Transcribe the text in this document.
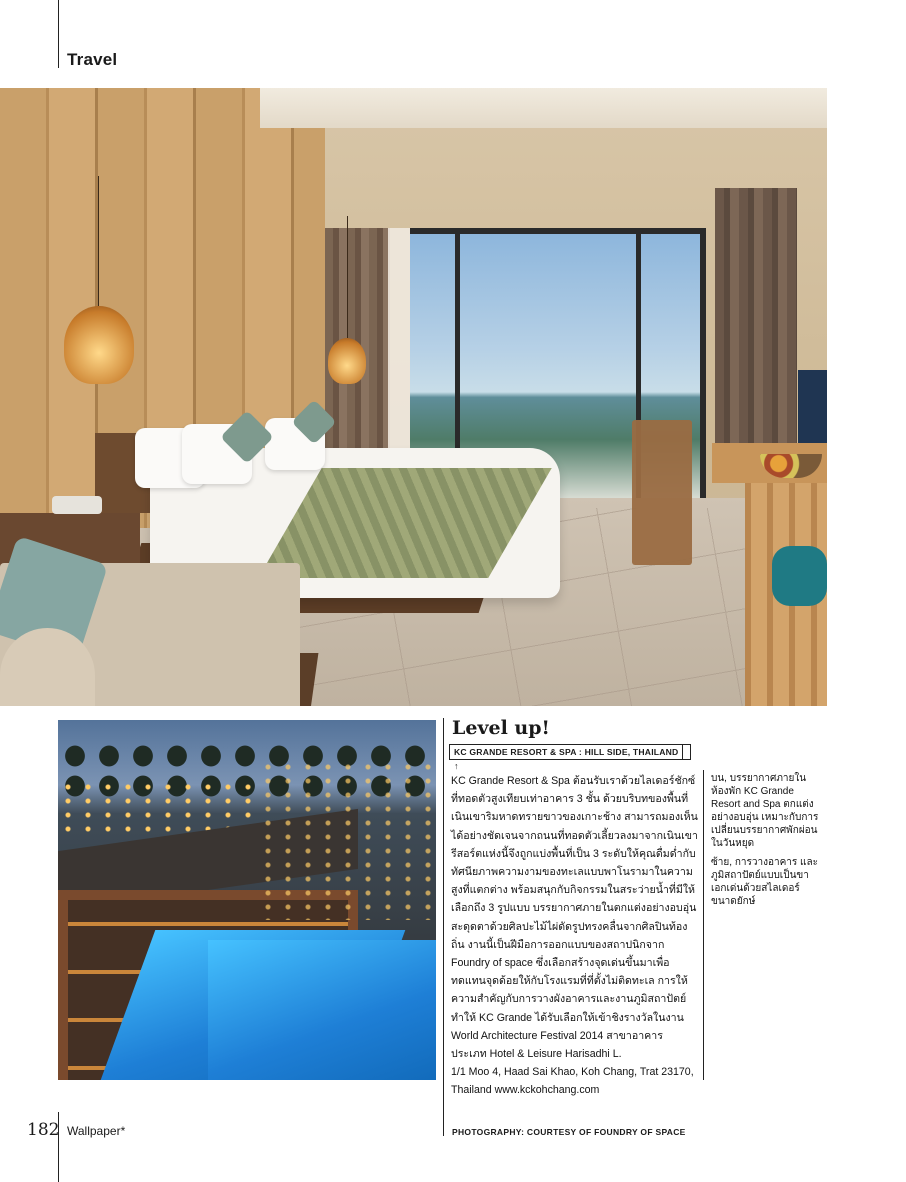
Travel
Level up!
KC GRANDE RESORT & SPA : HILL SIDE, THAILAND↑

KC Grande Resort & Spa ต้อนรับเราด้วยไลเดอร์ชักซ์ที่ทอดตัวสูงเทียบเท่าอาคาร 3 ชั้น ด้วยบริบทของพื้นที่เนินเขาริมหาดทรายขาวของเกาะช้าง สามารถมองเห็นได้อย่างชัดเจนจากถนนที่ทอดตัวเลี้ยวลงมาจากเนินเขารีสอร์ตแห่งนี้จึงถูกแบ่งพื้นที่เป็น 3 ระดับให้คุณดื่มด่ำกับทัศนียภาพความงามของทะเลแบบพาโนรามาในความสูงที่แตกต่าง พร้อมสนุกกับกิจกรรมในสระว่ายน้ำที่มีให้เลือกถึง 3 รูปแบบ บรรยากาศภายในตกแต่งอย่างอบอุ่น สะดุดตาด้วยศิลปะไม้ไผ่ดัดรูปทรงคลื่นจากศิลปินท้องถิ่น งานนี้เป็นฝีมือการออกแบบของสถาปนิกจาก Foundry of space ซึ่งเลือกสร้างจุดเด่นขึ้นมาเพื่อทดแทนจุดด้อยให้กับโรงแรมที่ที่ตั้งไม่ติดทะเล การให้ความสำคัญกับการวางผังอาคารและงานภูมิสถาปัตย์ทำให้ KC Grande ได้รับเลือกให้เข้าชิงรางวัลในงาน World Architecture Festival 2014 สาขาอาคารประเภท Hotel & Leisure Harisadhi L.

1/1 Moo 4, Haad Sai Khao, Koh Chang, Trat 23170, Thailand www.kckohchang.com

บน, บรรยากาศภายในห้องพัก KC Grande Resort and Spa ตกแต่งอย่างอบอุ่น เหมาะกับการเปลี่ยนบรรยากาศพักผ่อนในวันหยุด

ซ้าย, การวางอาคาร และภูมิสถาปัตย์แบบเป็นขาเอกเด่นด้วยสไลเดอร์ขนาดยักษ์

182 Wallpaper*	PHOTOGRAPHY: COURTESY OF FOUNDRY OF SPACE
